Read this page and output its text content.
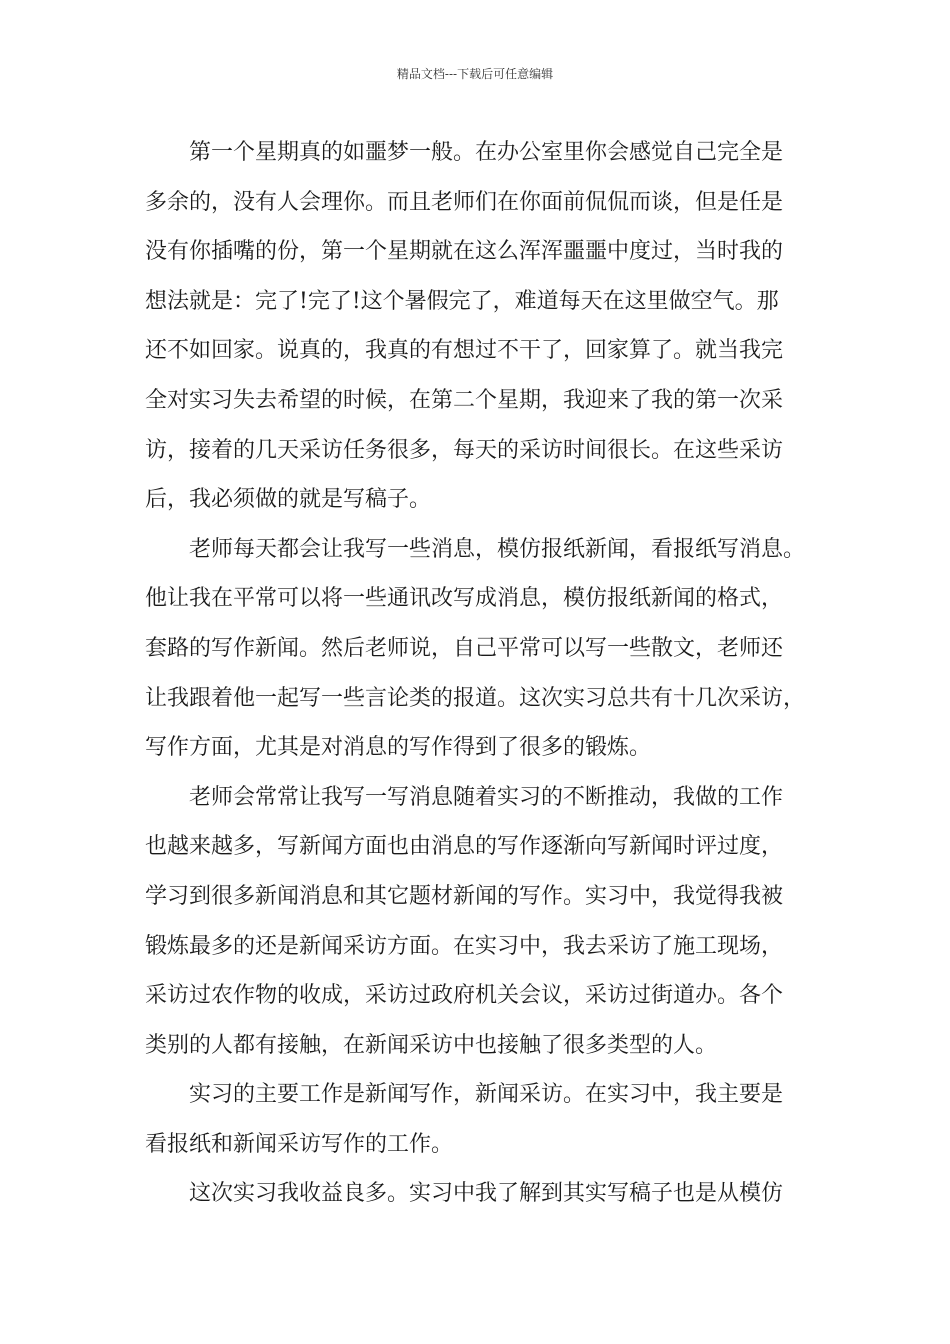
精品文档---下载后可任意编辑
第一个星期真的如噩梦一般。在办公室里你会感觉自己完全是
多余的，没有人会理你。而且老师们在你面前侃侃而谈，但是任是
没有你插嘴的份，第一个星期就在这么浑浑噩噩中度过，当时我的
想法就是：完了!完了!这个暑假完了，难道每天在这里做空气。那
还不如回家。说真的，我真的有想过不干了，回家算了。就当我完
全对实习失去希望的时候，在第二个星期，我迎来了我的第一次采
访，接着的几天采访任务很多，每天的采访时间很长。在这些采访
后，我必须做的就是写稿子。
老师每天都会让我写一些消息，模仿报纸新闻，看报纸写消息。
他让我在平常可以将一些通讯改写成消息，模仿报纸新闻的格式，
套路的写作新闻。然后老师说，自己平常可以写一些散文，老师还
让我跟着他一起写一些言论类的报道。这次实习总共有十几次采访，
写作方面，尤其是对消息的写作得到了很多的锻炼。
老师会常常让我写一写消息随着实习的不断推动，我做的工作
也越来越多，写新闻方面也由消息的写作逐渐向写新闻时评过度，
学习到很多新闻消息和其它题材新闻的写作。实习中，我觉得我被
锻炼最多的还是新闻采访方面。在实习中，我去采访了施工现场，
采访过农作物的收成，采访过政府机关会议，采访过街道办。各个
类别的人都有接触，在新闻采访中也接触了很多类型的人。
实习的主要工作是新闻写作，新闻采访。在实习中，我主要是
看报纸和新闻采访写作的工作。
这次实习我收益良多。实习中我了解到其实写稿子也是从模仿
